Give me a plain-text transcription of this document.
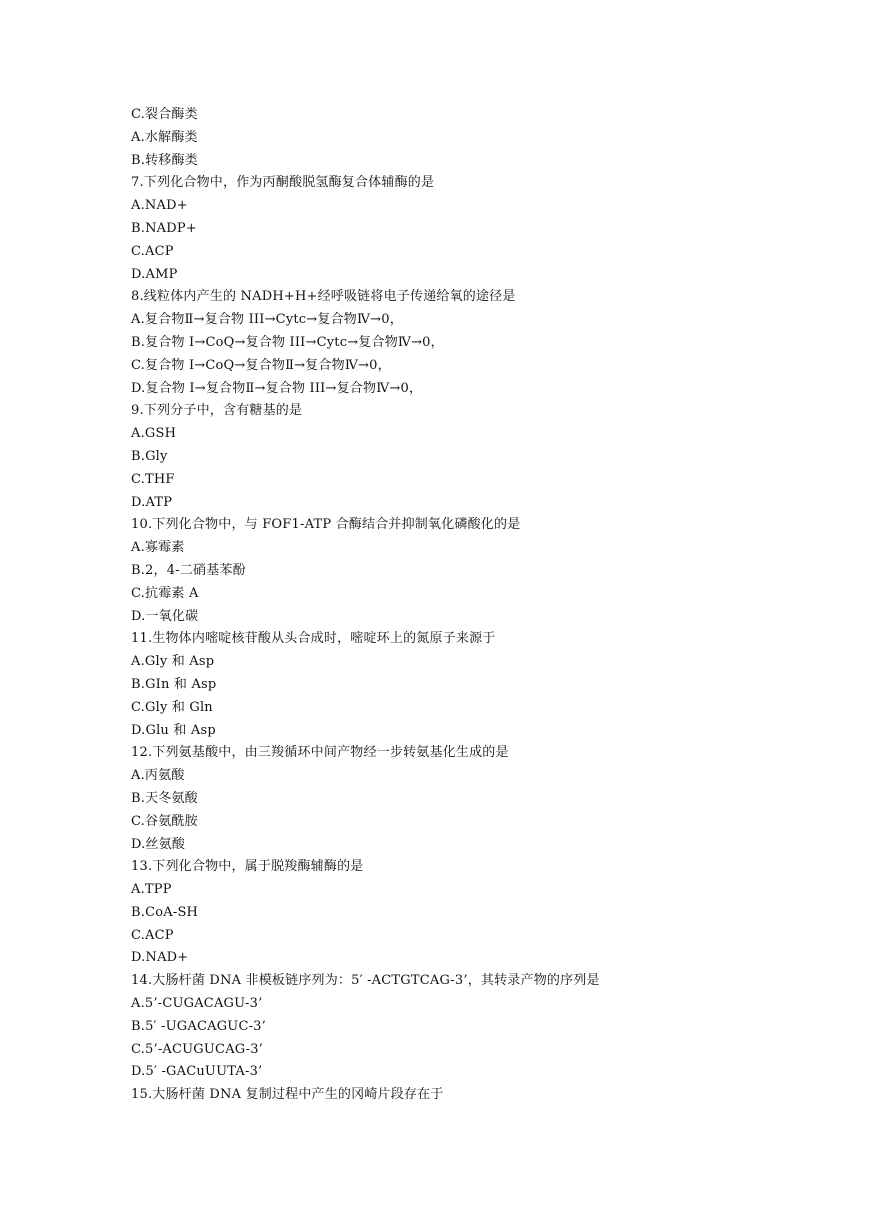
C.裂合酶类
A.水解酶类
B.转移酶类
7.下列化合物中，作为丙酮酸脱氢酶复合体辅酶的是
A.NAD+
B.NADP+
C.ACP
D.AMP
8.线粒体内产生的 NADH+H+经呼吸链将电子传递给氧的途径是
A.复合物Ⅱ→复合物 III→Cytc→复合物Ⅳ→0，
B.复合物 I→CoQ→复合物 III→Cytc→复合物Ⅳ→0，
C.复合物 I→CoQ→复合物Ⅱ→复合物Ⅳ→0，
D.复合物 I→复合物Ⅱ→复合物 III→复合物Ⅳ→0，
9.下列分子中，含有糖基的是
A.GSH
B.Gly
C.THF
D.ATP
10.下列化合物中，与 FOF1-ATP 合酶结合并抑制氧化磷酸化的是
A.寡霉素
B.2，4-二硝基苯酚
C.抗霉素 A
D.一氧化碳
11.生物体内嘧啶核苷酸从头合成时，嘧啶环上的氮原子来源于
A.Gly 和 Asp
B.GIn 和 Asp
C.Gly 和 Gln
D.Glu 和 Asp
12.下列氨基酸中，由三羧循环中间产物经一步转氨基化生成的是
A.丙氨酸
B.天冬氨酸
C.谷氨酰胺
D.丝氨酸
13.下列化合物中，属于脱羧酶辅酶的是
A.TPP
B.CoA-SH
C.ACP
D.NAD+
14.大肠杆菌 DNA 非模板链序列为：5′ -ACTGTCAG-3’，其转录产物的序列是
A.5’-CUGACAGU-3’
B.5′ -UGACAGUC-3’
C.5’-ACUGUCAG-3’
D.5′ -GACuUUTA-3’
15.大肠杆菌 DNA 复制过程中产生的冈崎片段存在于
